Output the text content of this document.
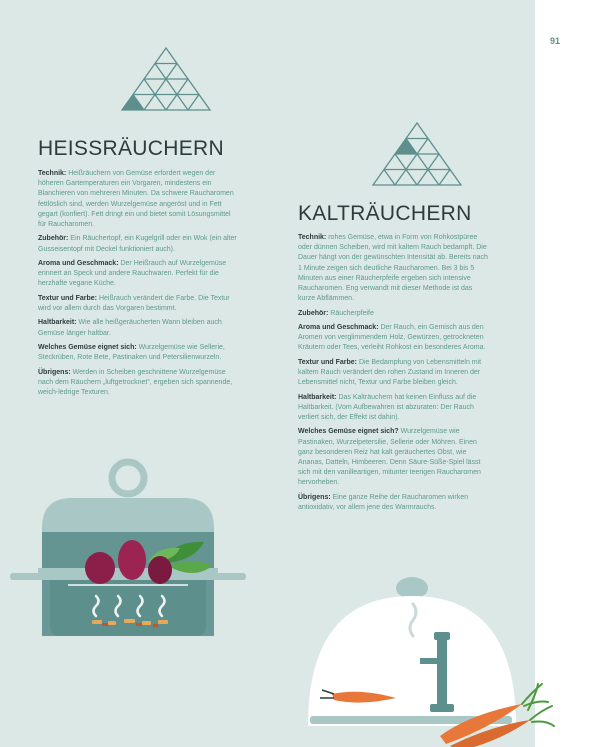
91
HEISSRÄUCHERN
KALTRÄUCHERN

Technik: Heißräuchern von Gemüse erfordert wegen der höheren Gartemperaturen ein Vorgaren, mindestens ein Blanchieren von mehreren Minuten. Da schwere Raucharomen fettlöslich sind, werden Wurzelgemüse angeröst und in Fett gegart (konfiert). Fett dringt ein und bietet somit Lösungsmittel für Raucharomen.

Zubehör: Ein Räuchertopf, ein Kugelgrill oder ein Wok (ein alter Gusseisentopf mit Deckel funktioniert auch).

Aroma und Geschmack: Der Heißrauch auf Wurzelgemüse erinnert an Speck und andere Rauchwaren. Perfekt für die herzhafte vegane Küche.

Textur und Farbe: Heißrauch verändert die Farbe. Die Textur wird vor allem durch das Vorgaren bestimmt.

Haltbarkeit: Wie alle heißgeräucherten Wann bleiben auch Gemüse länger haltbar.

Welches Gemüse eignet sich: Wurzelgemüse wie Sellerie, Steckrüben, Rote Bete, Pastinaken und Petersilienwurzeln.

Übrigens: Werden in Scheiben geschnittene Wurzelgemüse nach dem Räuchern „luftgetrocknet“, ergeben sich spannende, weich-ledrige Texturen.

Technik: rohes Gemüse, etwa in Form von Rohkostpüree oder dünnen Scheiben, wird mit kaltem Rauch bedampft. Die Dauer hängt von der gewünschten Intensität ab. Bereits nach 1 Minute zeigen sich deutliche Raucharomen. Bei 3 bis 5 Minuten aus einer Räucherpfeife ergeben sich intensive Raucharomen. Eng verwandt mit dieser Methode ist das kurze Abflämmen.

Zubehör: Räucherpfeife

Aroma und Geschmack: Der Rauch, ein Gemisch aus den Aromen von verglimmendem Holz, Gewürzen, getrockneten Kräutern oder Tees, verleiht Rohkost ein besonderes Aroma.

Textur und Farbe: Die Bedampfung von Lebensmitteln mit kaltem Rauch verändert den rohen Zustand im Inneren der Lebensmittel nicht, Textur und Farbe bleiben gleich.

Haltbarkeit: Das Kalträuchern hat keinen Einfluss auf die Haltbarkeit. (Vom Aufbewahren ist abzuraten: Der Rauch verliert sich, der Effekt ist dahin).

Welches Gemüse eignet sich? Wurzelgemüse wie Pastinaken, Wurzelpetersilie, Sellerie oder Möhren. Einen ganz besonderen Reiz hat kalt geräuchertes Obst, wie Ananas, Datteln, Himbeeren. Denn Säure-Süße-Spiel lässt sich mit den vanilleartigen, mitunter teerigen Raucharomen hervorheben.

Übrigens: Eine ganze Reihe der Raucharomen wirken antioxidativ, vor allem jene des Warmrauchs.
